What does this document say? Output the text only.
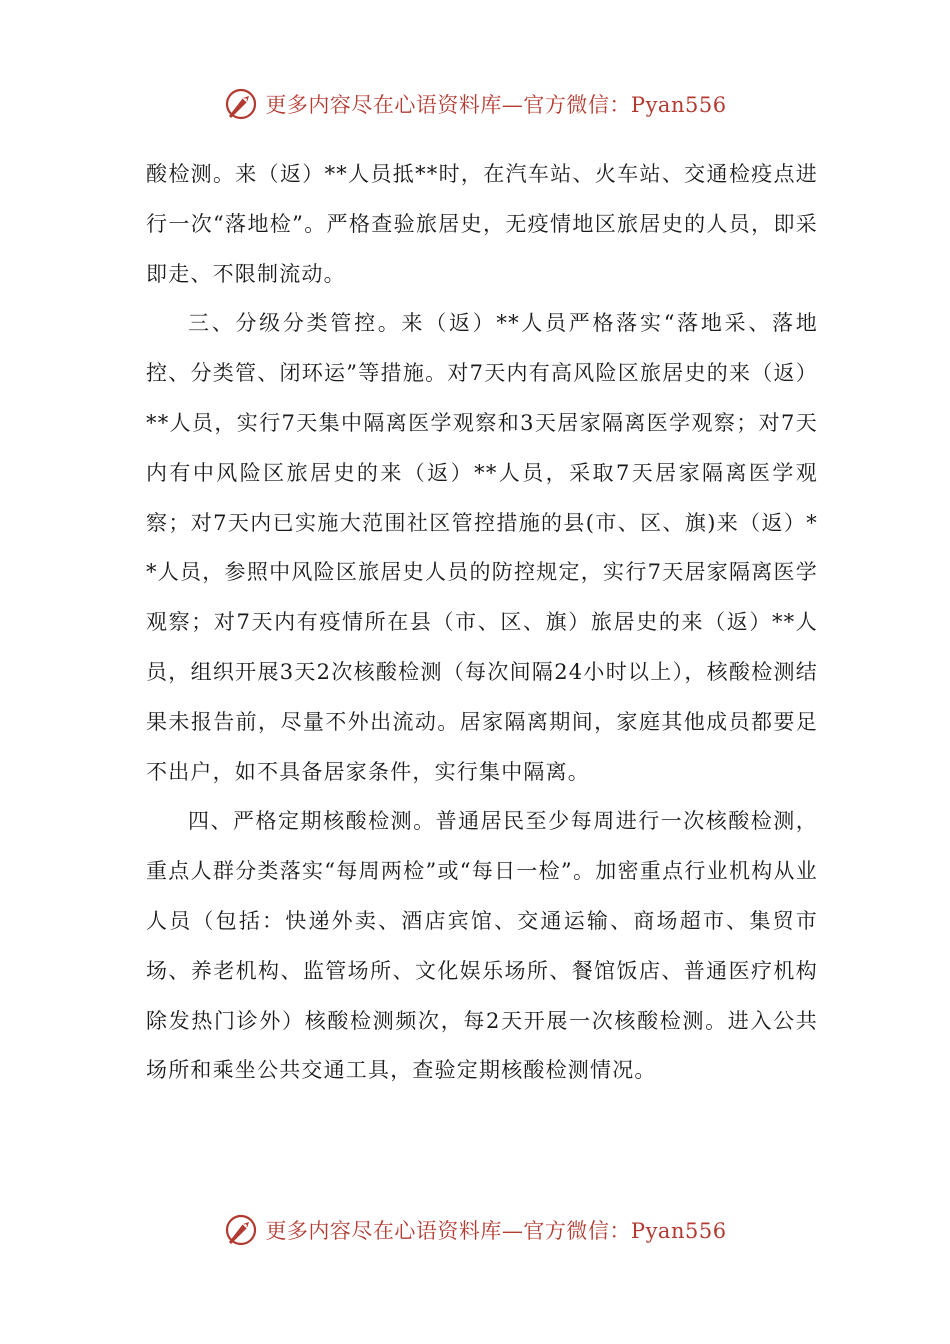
更多内容尽在心语资料库—官方微信：Pyan556

酸检测。来（返）**人员抵**时，在汽车站、火车站、交通检疫点进行一次“落地检”。严格查验旅居史，无疫情地区旅居史的人员，即采即走、不限制流动。

三、分级分类管控。来（返）**人员严格落实“落地采、落地控、分类管、闭环运”等措施。对7天内有高风险区旅居史的来（返）**人员，实行7天集中隔离医学观察和3天居家隔离医学观察；对7天内有中风险区旅居史的来（返）**人员，采取7天居家隔离医学观察；对7天内已实施大范围社区管控措施的县(市、区、旗)来（返）**人员，参照中风险区旅居史人员的防控规定，实行7天居家隔离医学观察；对7天内有疫情所在县（市、区、旗）旅居史的来（返）**人员，组织开展3天2次核酸检测（每次间隔24小时以上），核酸检测结果未报告前，尽量不外出流动。居家隔离期间，家庭其他成员都要足不出户，如不具备居家条件，实行集中隔离。

四、严格定期核酸检测。普通居民至少每周进行一次核酸检测，重点人群分类落实“每周两检”或“每日一检”。加密重点行业机构从业人员（包括：快递外卖、酒店宾馆、交通运输、商场超市、集贸市场、养老机构、监管场所、文化娱乐场所、餐馆饭店、普通医疗机构除发热门诊外）核酸检测频次，每2天开展一次核酸检测。进入公共场所和乘坐公共交通工具，查验定期核酸检测情况。

更多内容尽在心语资料库—官方微信：Pyan556
